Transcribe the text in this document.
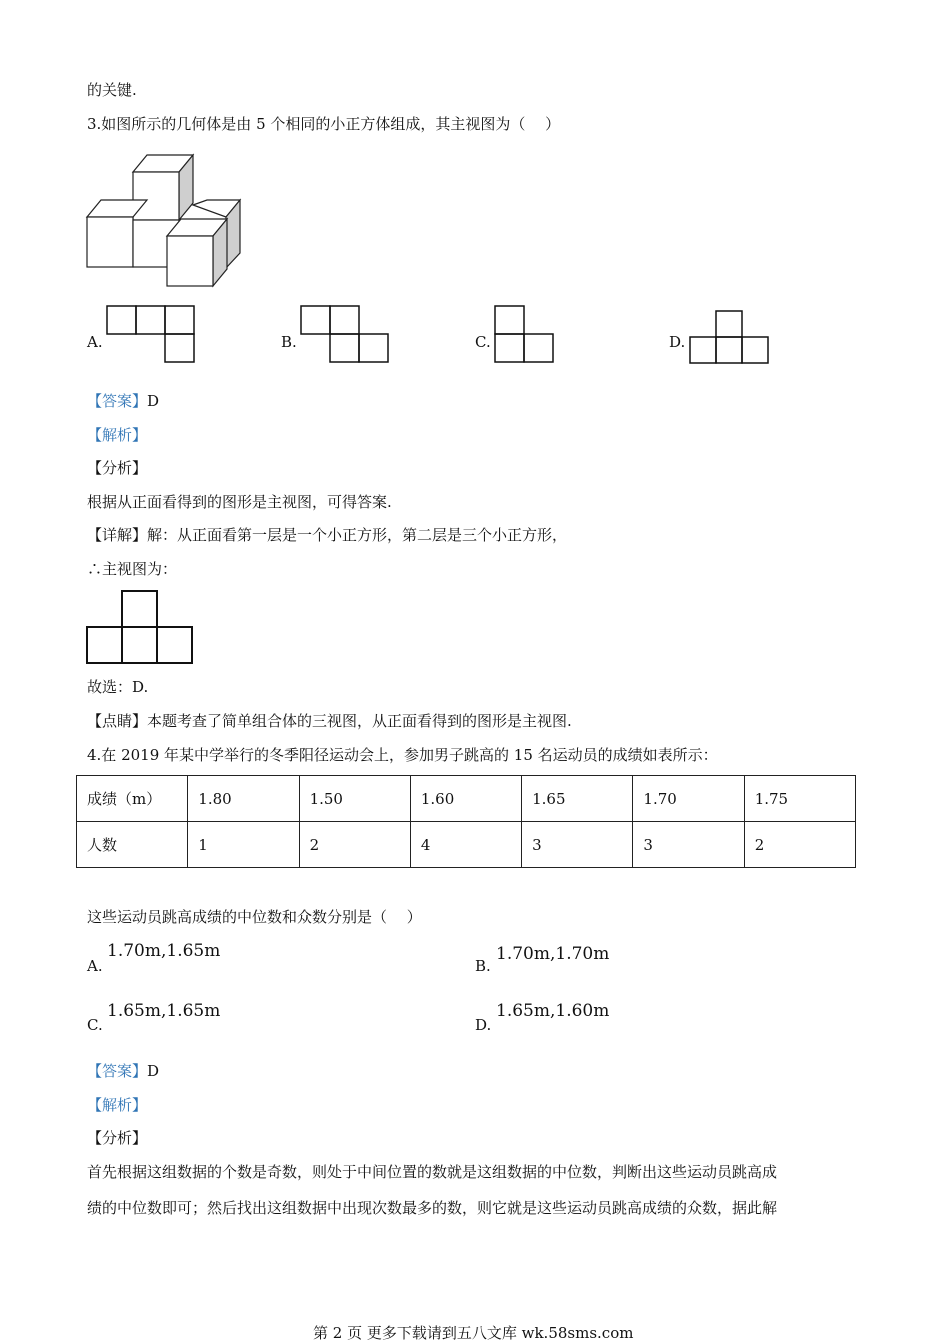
的关键.
3.如图所示的几何体是由 5 个相同的小正方体组成，其主视图为（　 ）
A.	B.	C.	D.
【答案】D
【解析】
【分析】
根据从正面看得到的图形是主视图，可得答案.
【详解】解：从正面看第一层是一个小正方形，第二层是三个小正方形，
∴主视图为：
故选：D.
【点睛】本题考查了简单组合体的三视图，从正面看得到的图形是主视图.
4.在 2019 年某中学举行的冬季阳径运动会上，参加男子跳高的 15 名运动员的成绩如表所示：
成绩（m）	1.80	1.50	1.60	1.65	1.70	1.75
人数	1	2	4	3	3	2
这些运动员跳高成绩的中位数和众数分别是（　 ）
A.
1.70m,1.65m
B.
1.70m,1.70m
C.
1.65m,1.65m
D.
1.65m,1.60m
【答案】D
【解析】
【分析】
首先根据这组数据的个数是奇数，则处于中间位置的数就是这组数据的中位数，判断出这些运动员跳高成
绩的中位数即可；然后找出这组数据中出现次数最多的数，则它就是这些运动员跳高成绩的众数，据此解
第 2 页 更多下载请到五八文库 wk.58sms.com
